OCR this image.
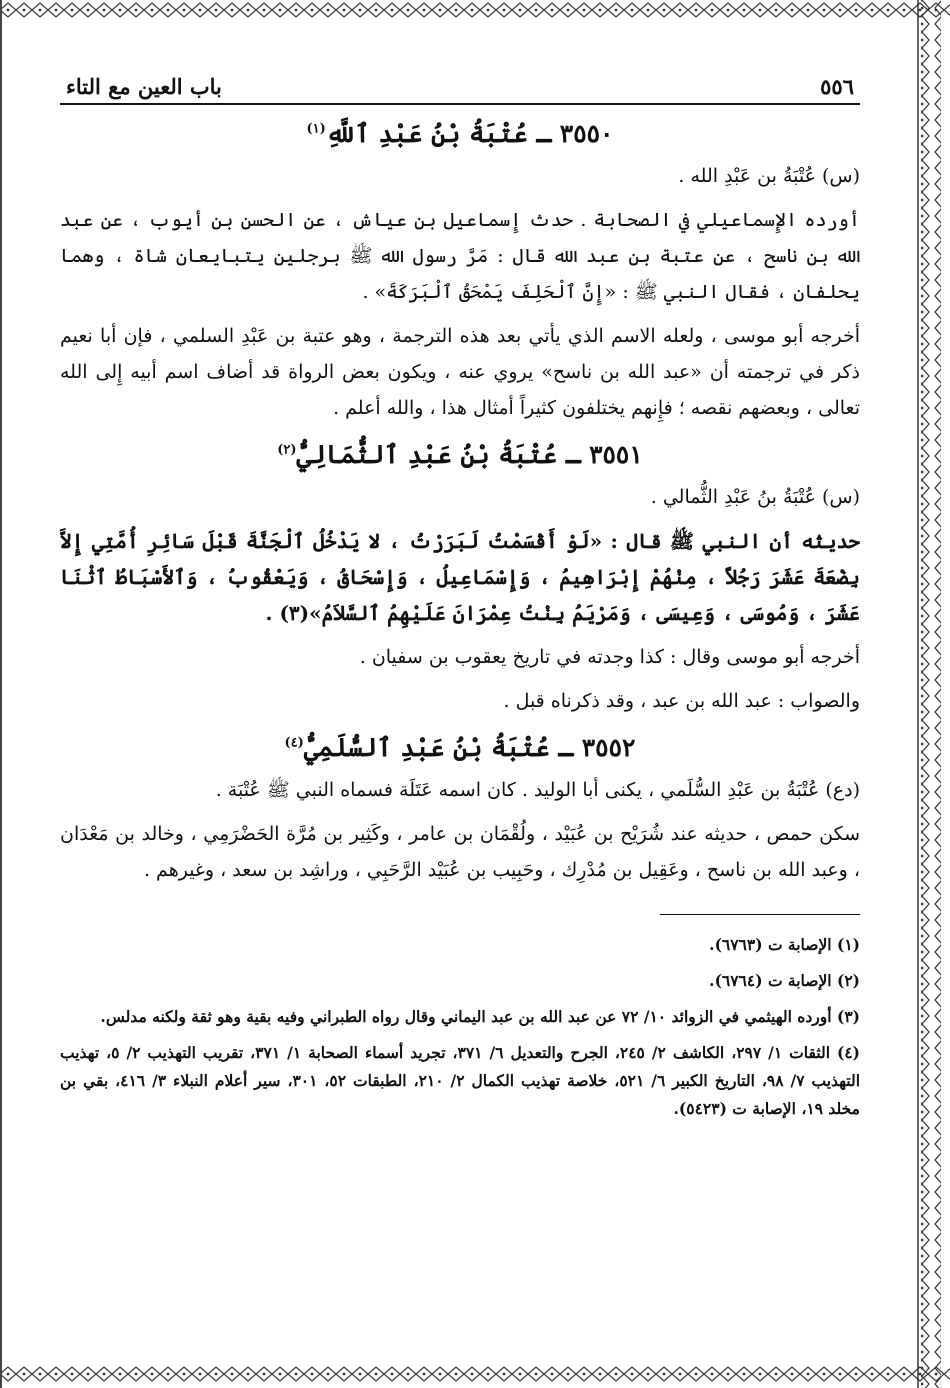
٥٥٦
باب العين مع التاء
٣٥٥٠ ـ عُتْبَةُ بْنُ عَبْدِ ٱللَّهِ$^{(١)}$

(س) عُتْبَةُ بن عَبْدِ الله .

أورده الإِسماعيلي في الصحابة . حدث إِسماعيل بن عياش ، عن الحسن بن أيوب ، عن عبد الله بن ناسح ، عن عتبة بن عبد الله قال : مَرَّ رسول الله ﷺ برجلين يتبايعان شاة ، وهما يحلفان ، فقال النبي ﷺ : «إِنَّ ٱلْحَلِفَ يَمْحَقُ ٱلْبَرَكَةَ» .

أخرجه أبو موسى ، ولعله الاسم الذي يأتي بعد هذه الترجمة ، وهو عتبة بن عَبْدِ السلمي ، فإن أبا نعيم ذكر في ترجمته أن «عبد الله بن ناسح» يروي عنه ، ويكون بعض الرواة قد أضاف اسم أبيه إِلى الله تعالى ، وبعضهم نقصه ؛ فإِنهم يختلفون كثيراً أمثال هذا ، والله أعلم .

٣٥٥١ ـ عُتْبَةُ بْنُ عَبْدِ ٱلثُّمَالِيُّ$^{(٢)}$

(س) عُتْبَةُ بنُ عَبْدِ الثُّمالي .

حديثه أن النبي ﷺ قال : «لَوْ أَقْسَمْتُ لَبَرَرْتُ ، لا يَدْخُلُ ٱلْجَنَّةَ قَبْلَ سَائِرِ أُمَّتِي إِلاَّ بِضْعَةَ عَشَرَ رَجُلاً ، مِنْهُمْ إِبْرَاهِيمُ ، وَإِسْمَاعِيلُ ، وَإِسْحَاقُ ، وَيَعْقُوبُ ، وَٱلأَسْبَاطُ ٱثْنَا عَشَرَ ، وَمُوسَى ، وَعِيسَى ، وَمَرْيَمُ بِنْتُ عِمْرَانَ عَلَيْهِمُ ٱلسَّلاَمُ»(٣) .

أخرجه أبو موسى وقال : كذا وجدته في تاريخ يعقوب بن سفيان .

والصواب : عبد الله بن عبد ، وقد ذكرناه قبل .

٣٥٥٢ ـ عُتْبَةُ بْنُ عَبْدِ ٱلسُّلَمِيُّ$^{(٤)}$

(دع) عُتْبَةُ بن عَبْدِ السُّلَمي ، يكنى أبا الوليد . كان اسمه عَتَلَة فسماه النبي ﷺ عُتْبَة .

سكن حمص ، حديثه عند شُرَيْح بن عُبَيْد ، ولُقْمَان بن عامر ، وكَثِير بن مُرَّة الحَضْرَمِي ، وخالد بن مَعْدَان ، وعبد الله بن ناسح ، وعَقِيل بن مُدْرِك ، وحَبِيب بن عُبَيْد الرَّحَبِي ، وراشِد بن سعد ، وغيرهم .

(١) الإصابة ت (٦٧٦٣).

(٢) الإصابة ت (٦٧٦٤).

(٣) أورده الهيثمي في الزوائد ١٠/ ٧٢ عن عبد الله بن عبد اليماني وقال رواه الطبراني وفيه بقية وهو ثقة ولكنه مدلس.

(٤) الثقات ١/ ٢٩٧، الكاشف ٢/ ٢٤٥، الجرح والتعديل ٦/ ٣٧١، تجريد أسماء الصحابة ١/ ٣٧١، تقريب التهذيب ٢/ ٥، تهذيب التهذيب ٧/ ٩٨، التاريخ الكبير ٦/ ٥٢١، خلاصة تهذيب الكمال ٢/ ٢١٠، الطبقات ٥٢، ٣٠١، سير أعلام النبلاء ٣/ ٤١٦، بقي بن مخلد ١٩، الإصابة ت (٥٤٢٣).
